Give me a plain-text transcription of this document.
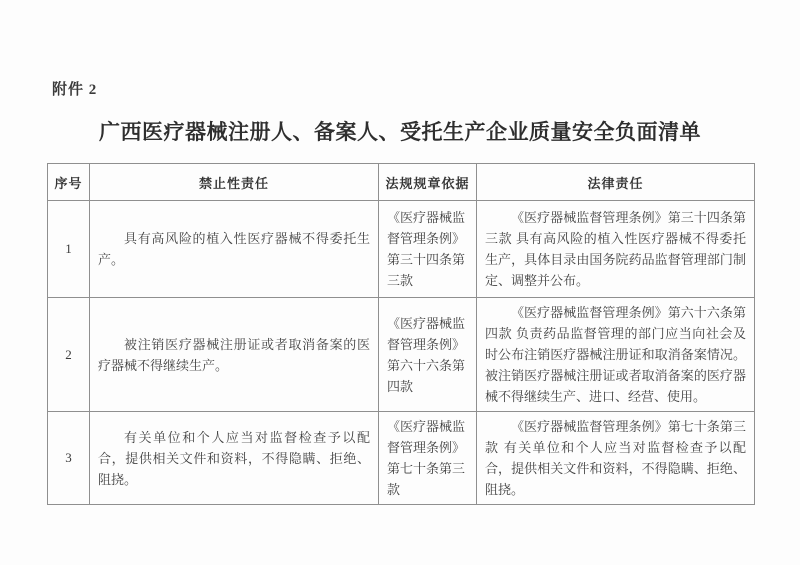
附件 2
广西医疗器械注册人、备案人、受托生产企业质量安全负面清单
序号	禁止性责任	法规规章依据	法律责任
1	具有高风险的植入性医疗器械不得委托生产。	《医疗器械监督管理条例》第三十四条第三款	《医疗器械监督管理条例》第三十四条第三款 具有高风险的植入性医疗器械不得委托生产，具体目录由国务院药品监督管理部门制定、调整并公布。

2	被注销医疗器械注册证或者取消备案的医疗器械不得继续生产。	《医疗器械监督管理条例》第六十六条第四款	《医疗器械监督管理条例》第六十六条第四款 负责药品监督管理的部门应当向社会及时公布注销医疗器械注册证和取消备案情况。被注销医疗器械注册证或者取消备案的医疗器械不得继续生产、进口、经营、使用。

3	有关单位和个人应当对监督检查予以配合，提供相关文件和资料，不得隐瞒、拒绝、阻挠。	《医疗器械监督管理条例》第七十条第三款	《医疗器械监督管理条例》第七十条第三款 有关单位和个人应当对监督检查予以配合，提供相关文件和资料，不得隐瞒、拒绝、阻挠。
